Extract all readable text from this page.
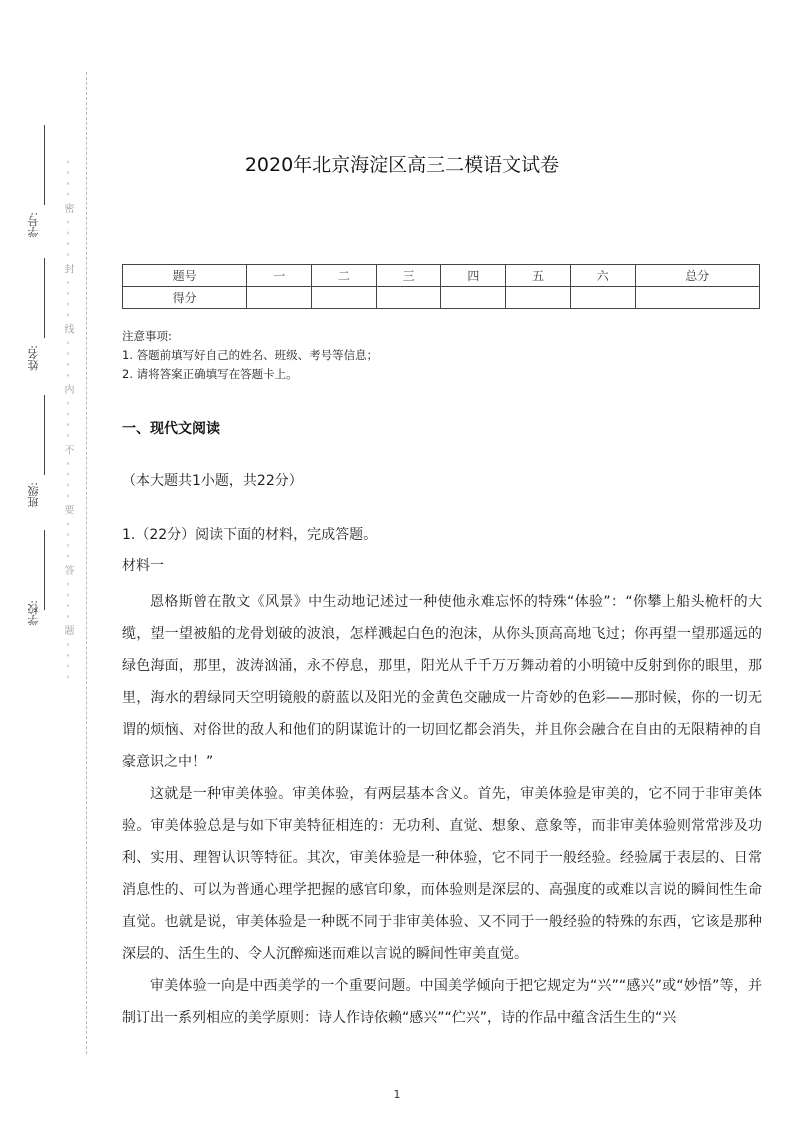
- - - - 密 - - - - 封 - - - - 线 - - - - 内 - - - - 不 - - - - 要 - - - - 答 - - - - 题 - - - -
学号:
姓名:
班级:
学校:
2020年北京海淀区高三二模语文试卷
题号	一	二	三	四	五	六	总分
得分							
注意事项:
1. 答题前填写好自己的姓名、班级、考号等信息；
2. 请将答案正确填写在答题卡上。
一、现代文阅读
（本大题共1小题，共22分）
1.（22分）阅读下面的材料，完成答题。
材料一

恩格斯曾在散文《风景》中生动地记述过一种使他永难忘怀的特殊“体验”：“你攀上船头桅杆的大缆，望一望被船的龙骨划破的波浪，怎样溅起白色的泡沫，从你头顶高高地飞过；你再望一望那遥远的绿色海面，那里，波涛汹涌，永不停息，那里，阳光从千千万万舞动着的小明镜中反射到你的眼里，那里，海水的碧绿同天空明镜般的蔚蓝以及阳光的金黄色交融成一片奇妙的色彩——那时候，你的一切无谓的烦恼、对俗世的敌人和他们的阴谋诡计的一切回忆都会消失，并且你会融合在自由的无限精神的自豪意识之中！”

这就是一种审美体验。审美体验，有两层基本含义。首先，审美体验是审美的，它不同于非审美体验。审美体验总是与如下审美特征相连的：无功利、直觉、想象、意象等，而非审美体验则常常涉及功利、实用、理智认识等特征。其次，审美体验是一种体验，它不同于一般经验。经验属于表层的、日常消息性的、可以为普通心理学把握的感官印象，而体验则是深层的、高强度的或难以言说的瞬间性生命直觉。也就是说，审美体验是一种既不同于非审美体验、又不同于一般经验的特殊的东西，它该是那种深层的、活生生的、令人沉醉痴迷而难以言说的瞬间性审美直觉。

审美体验一向是中西美学的一个重要问题。中国美学倾向于把它规定为“兴”“感兴”或“妙悟”等，并制订出一系列相应的美学原则：诗人作诗依赖“感兴”“伫兴”，诗的作品中蕴含活生生的“兴

1
